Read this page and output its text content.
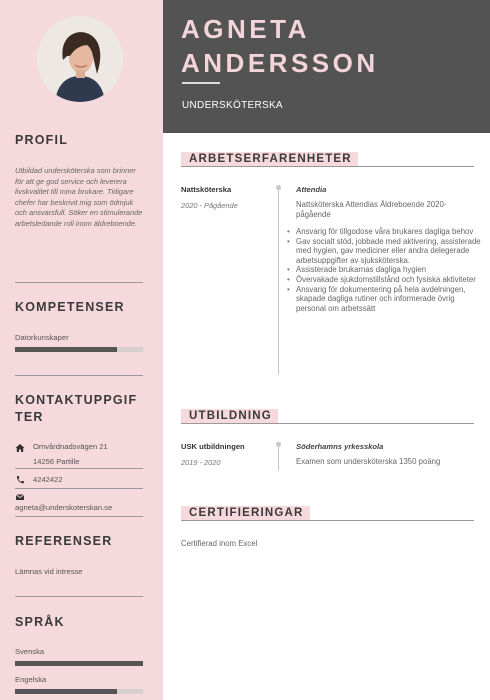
PROFIL
Utbildad undersköterska som brinner för att ge god service och leverera livskvalitet till mina brukare. Tidigare chefer har beskrivit mig som ödmjuk och ansvarsfull. Söker en stimulerande arbetsledande roll inom äldreboende.
KOMPETENSER
Datorkunskaper
KONTAKTUPPGIF
TER
Omvårdnadsvägen 21
14256 Partille
4242422
agneta@underskoterskan.se
REFERENSER
Lämnas vid intresse
SPRÅK
Svenska
Engelska
AGNETA
ANDERSSON
UNDERSKÖTERSKA
ARBETSERFARENHETER
Nattsköterska
2020 - Pågående
Attendia
Nattsköterska Attendias Äldreboende 2020-pågående
• Ansvarig för tillgodose våra brukares dagliga behov
• Gav socialt stöd, jobbade med aktivering, assisterade med hygien, gav mediciner eller andra delegerade arbetsuppgifter av sjuksköterska.
• Assisterade brukarnas dagliga hygien
• Övervakade sjukdomstillstånd och fysiska aktiviteter
• Ansvarig för dokumentering på hela avdelningen, skapade dagliga rutiner och informerade övrig personal om arbetssätt
UTBILDNING
USK utbildningen
2019 - 2020
Söderhamns yrkesskola
Examen som undersköterska 1350 poäng
CERTIFIERINGAR
Certifierad inom Excel
